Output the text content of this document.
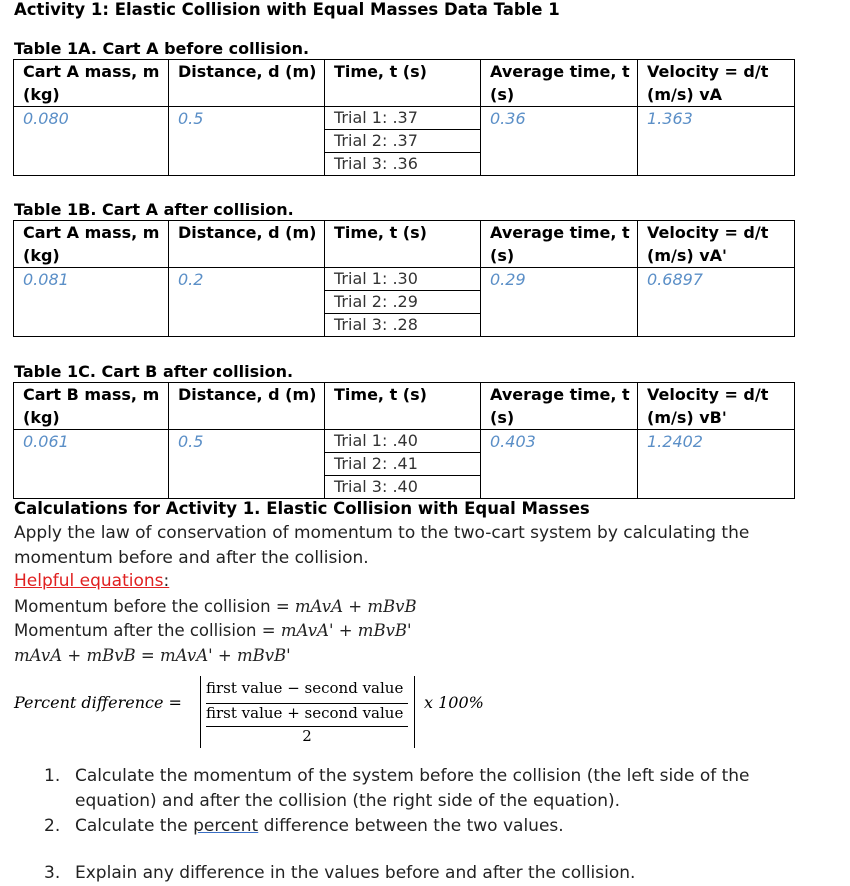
Activity 1: Elastic Collision with Equal Masses Data Table 1
Table 1A. Cart A before collision.
Cart A mass, m (kg)	Distance, d (m)	Time, t (s)	Average time, t (s)	Velocity = d/t (m/s) vA
0.080	0.5	Trial 1: .37
Trial 2: .37
Trial 3: .36	0.36	1.363
Table 1B. Cart A after collision.
Cart A mass, m (kg)	Distance, d (m)	Time, t (s)	Average time, t (s)	Velocity = d/t (m/s) vA'
0.081	0.2	Trial 1: .30
Trial 2: .29
Trial 3: .28	0.29	0.6897
Table 1C. Cart B after collision.
Cart B mass, m (kg)	Distance, d (m)	Time, t (s)	Average time, t (s)	Velocity = d/t (m/s) vB'
0.061	0.5	Trial 1: .40
Trial 2: .41
Trial 3: .40	0.403	1.2402
Calculations for Activity 1. Elastic Collision with Equal Masses
Apply the law of conservation of momentum to the two-cart system by calculating the momentum before and after the collision.
Helpful equations:
Momentum before the collision = mAvA + mBvB
Momentum after the collision = mAvA' + mBvB'
mAvA + mBvB = mAvA' + mBvB'
Percent difference =
first value − second value
first value + second value
2
x 100%
1. Calculate the momentum of the system before the collision (the left side of the equation) and after the collision (the right side of the equation).
2. Calculate the percent difference between the two values.
3. Explain any difference in the values before and after the collision.
